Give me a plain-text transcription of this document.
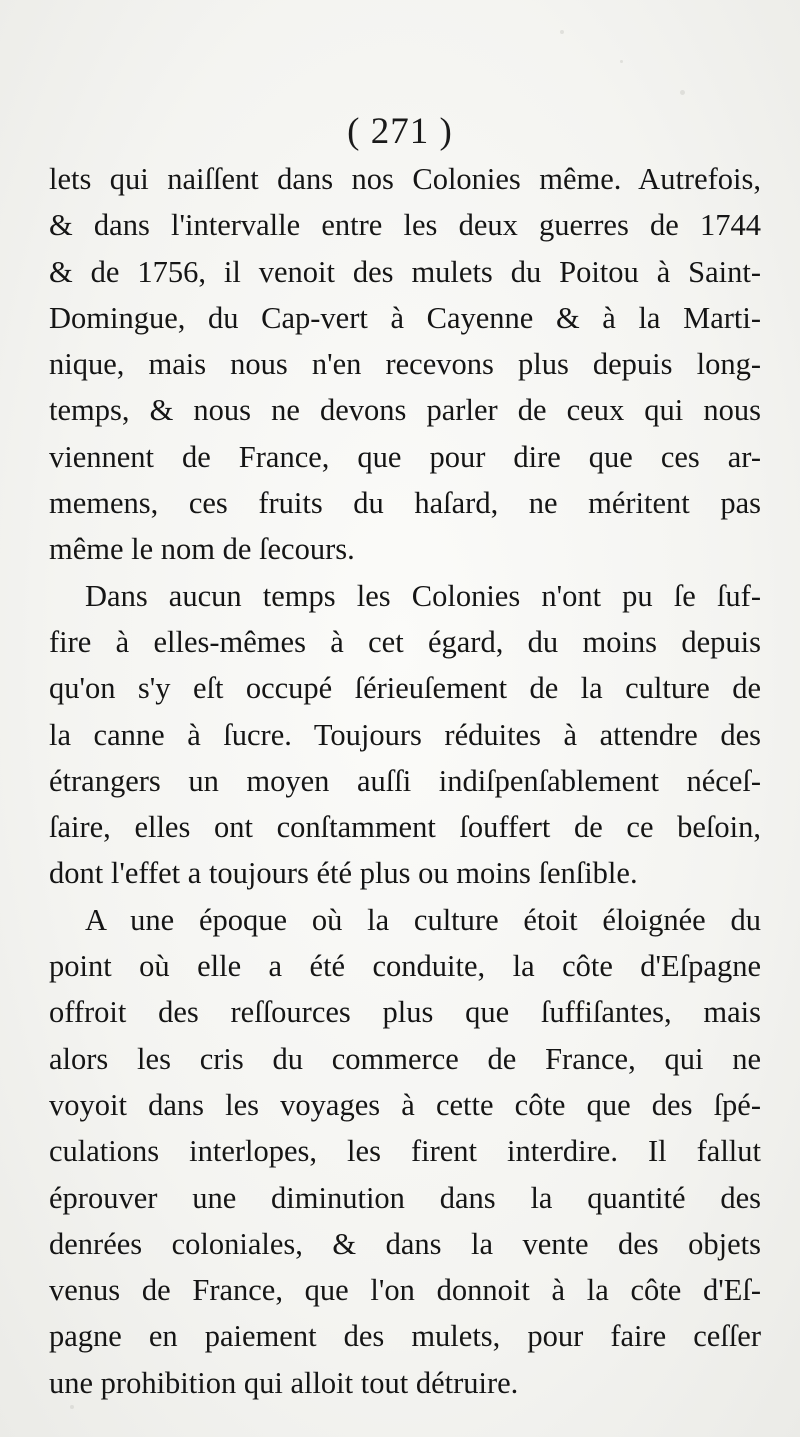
( 271 )
lets qui naiſſent dans nos Colonies même. Autrefois,
& dans l'intervalle entre les deux guerres de 1744
& de 1756, il venoit des mulets du Poitou à Saint-
Domingue, du Cap-vert à Cayenne & à la Marti-
nique, mais nous n'en recevons plus depuis long-
temps, & nous ne devons parler de ceux qui nous
viennent de France, que pour dire que ces ar-
memens, ces fruits du haſard, ne méritent pas
même le nom de ſecours.
Dans aucun temps les Colonies n'ont pu ſe ſuf-
fire à elles-mêmes à cet égard, du moins depuis
qu'on s'y eſt occupé ſérieuſement de la culture de
la canne à ſucre. Toujours réduites à attendre des
étrangers un moyen auſſi indiſpenſablement néceſ-
ſaire, elles ont conſtamment ſouffert de ce beſoin,
dont l'effet a toujours été plus ou moins ſenſible.
A une époque où la culture étoit éloignée du
point où elle a été conduite, la côte d'Eſpagne
offroit des reſſources plus que ſuffiſantes, mais
alors les cris du commerce de France, qui ne
voyoit dans les voyages à cette côte que des ſpé-
culations interlopes, les firent interdire. Il fallut
éprouver une diminution dans la quantité des
denrées coloniales, & dans la vente des objets
venus de France, que l'on donnoit à la côte d'Eſ-
pagne en paiement des mulets, pour faire ceſſer
une prohibition qui alloit tout détruire.
